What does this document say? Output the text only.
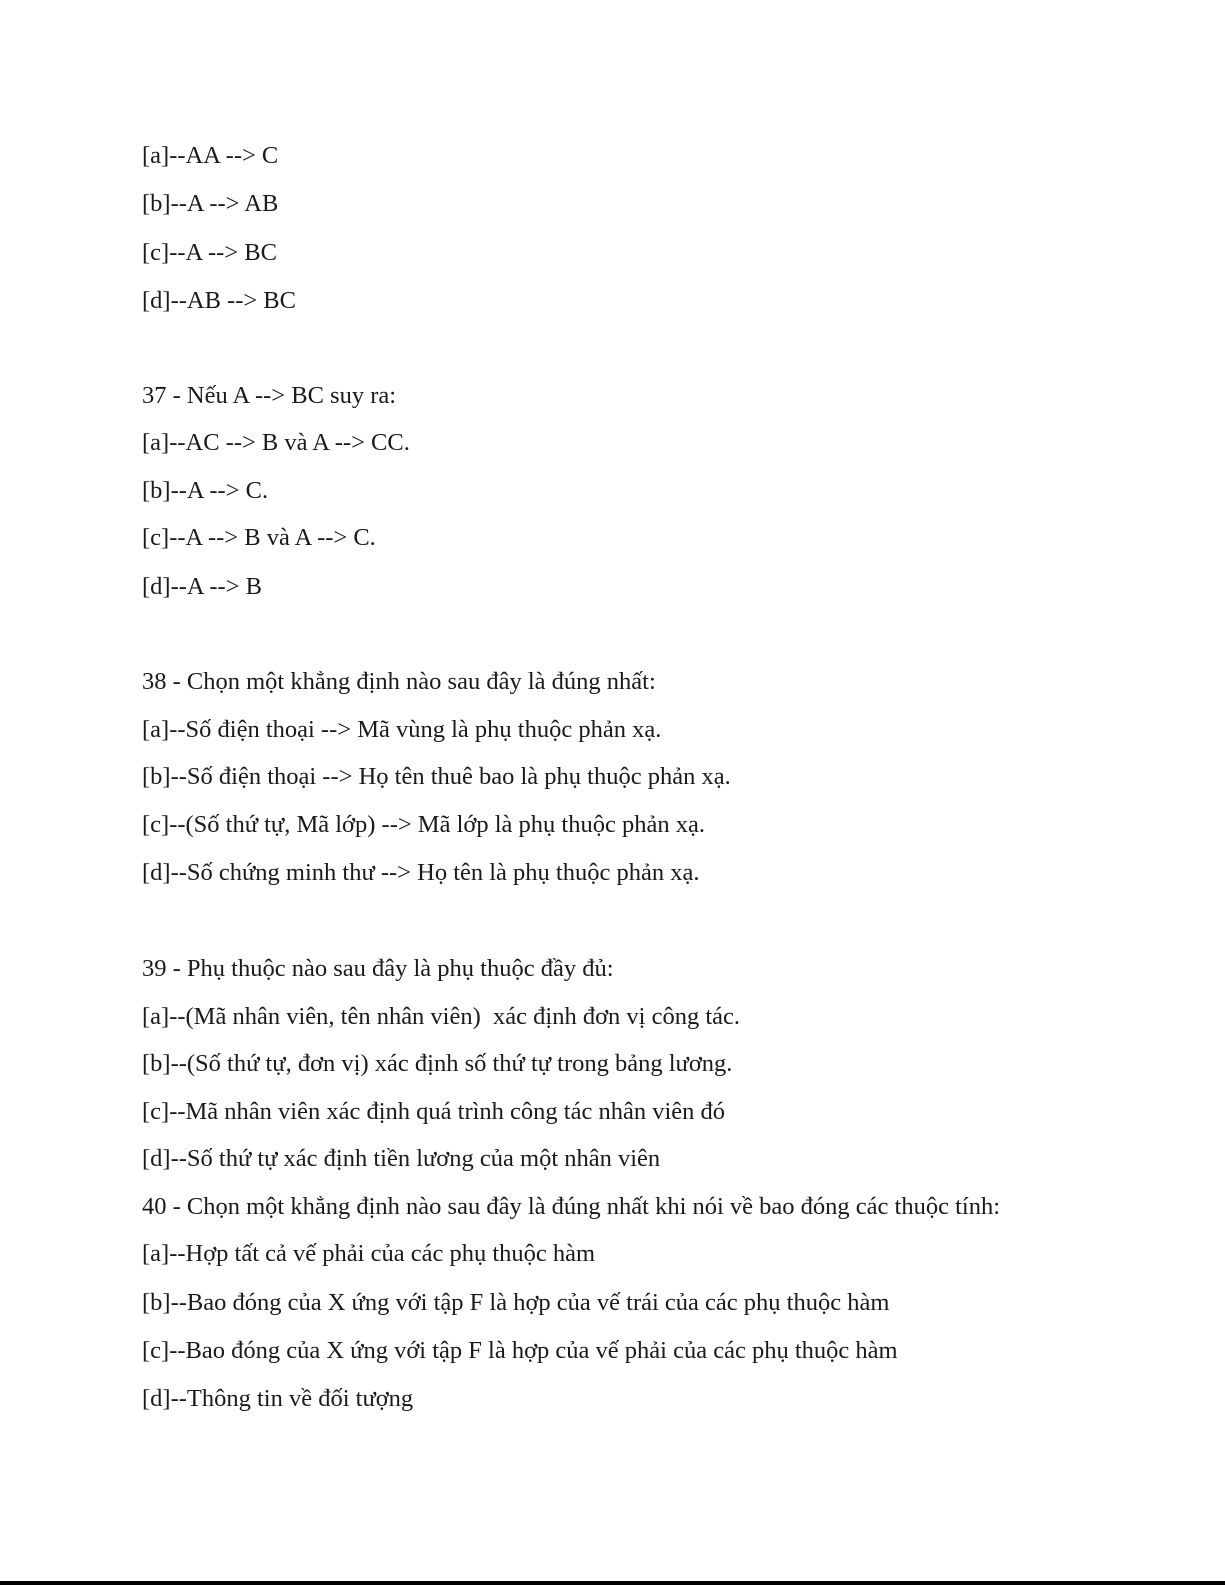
[a]--AA --> C
[b]--A --> AB
[c]--A --> BC
[d]--AB --> BC
37 - Nếu A --> BC suy ra:
[a]--AC --> B và A --> CC.
[b]--A --> C.
[c]--A --> B và A --> C.
[d]--A --> B
38 - Chọn một khẳng định nào sau đây là đúng nhất:
[a]--Số điện thoại --> Mã vùng là phụ thuộc phản xạ.
[b]--Số điện thoại --> Họ tên thuê bao là phụ thuộc phản xạ.
[c]--(Số thứ tự, Mã lớp) --> Mã lớp là phụ thuộc phản xạ.
[d]--Số chứng minh thư --> Họ tên là phụ thuộc phản xạ.
39 - Phụ thuộc nào sau đây là phụ thuộc đầy đủ:
[a]--(Mã nhân viên, tên nhân viên)  xác định đơn vị công tác.
[b]--(Số thứ tự, đơn vị) xác định số thứ tự trong bảng lương.
[c]--Mã nhân viên xác định quá trình công tác nhân viên đó
[d]--Số thứ tự xác định tiền lương của một nhân viên
40 - Chọn một khẳng định nào sau đây là đúng nhất khi nói về bao đóng các thuộc tính:
[a]--Hợp tất cả vế phải của các phụ thuộc hàm
[b]--Bao đóng của X ứng với tập F là hợp của vế trái của các phụ thuộc hàm
[c]--Bao đóng của X ứng với tập F là hợp của vế phải của các phụ thuộc hàm
[d]--Thông tin về đối tượng
